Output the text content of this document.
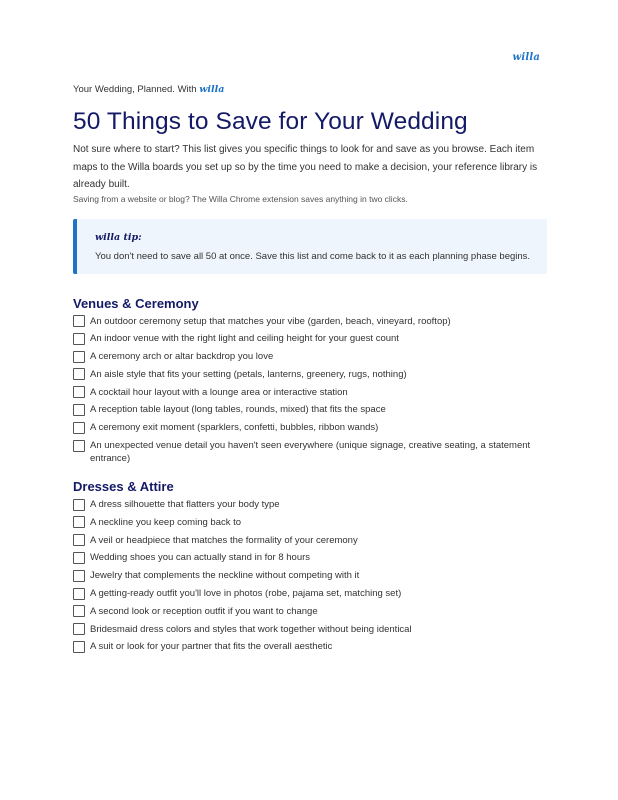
willa

Your Wedding, Planned. With willa

50 Things to Save for Your Wedding

Not sure where to start? This list gives you specific things to look for and save as you browse. Each item maps to the Willa boards you set up so by the time you need to make a decision, your reference library is already built.

Saving from a website or blog? The Willa Chrome extension saves anything in two clicks.

willa tip:

You don't need to save all 50 at once. Save this list and come back to it as each planning phase begins.

Venues & Ceremony
An outdoor ceremony setup that matches your vibe (garden, beach, vineyard, rooftop)
An indoor venue with the right light and ceiling height for your guest count
A ceremony arch or altar backdrop you love
An aisle style that fits your setting (petals, lanterns, greenery, rugs, nothing)
A cocktail hour layout with a lounge area or interactive station
A reception table layout (long tables, rounds, mixed) that fits the space
A ceremony exit moment (sparklers, confetti, bubbles, ribbon wands)
An unexpected venue detail you haven't seen everywhere (unique signage, creative seating, a statement entrance)
Dresses & Attire
A dress silhouette that flatters your body type
A neckline you keep coming back to
A veil or headpiece that matches the formality of your ceremony
Wedding shoes you can actually stand in for 8 hours
Jewelry that complements the neckline without competing with it
A getting-ready outfit you'll love in photos (robe, pajama set, matching set)
A second look or reception outfit if you want to change
Bridesmaid dress colors and styles that work together without being identical
A suit or look for your partner that fits the overall aesthetic
